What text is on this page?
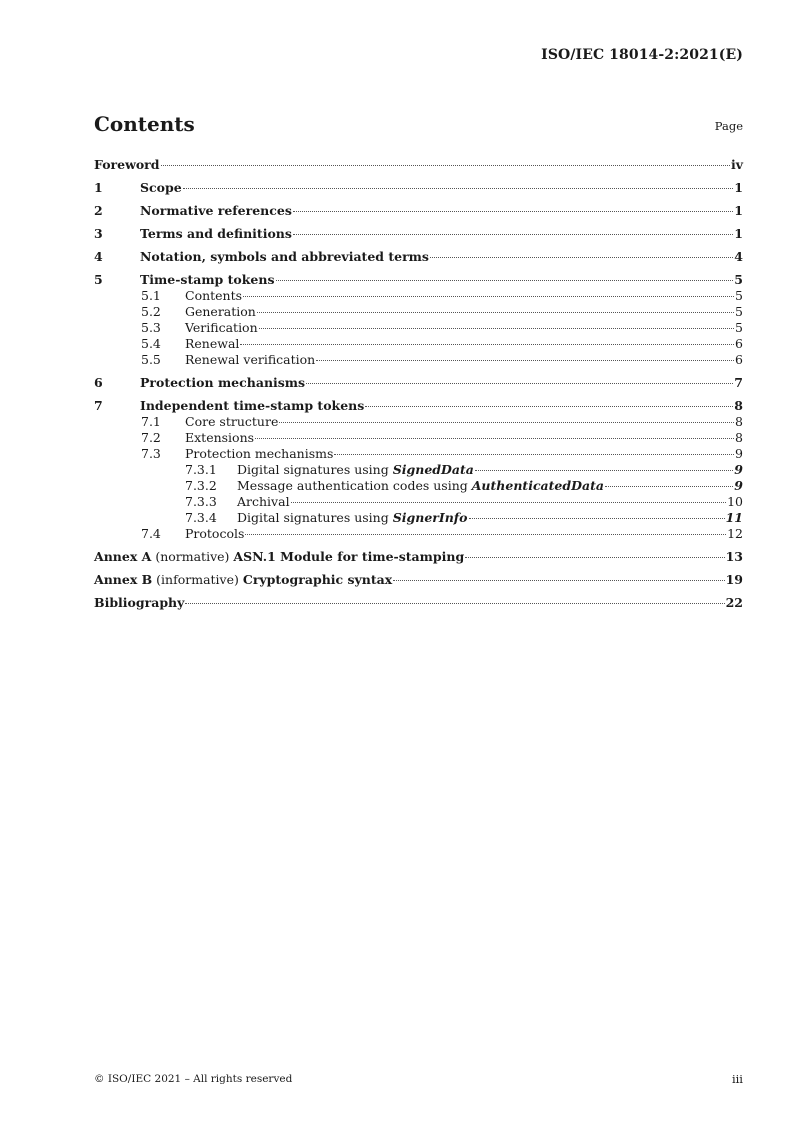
ISO/IEC 18014-2:2021(E)
Contents	Page
Foreword	iv
1	Scope	1
2	Normative references	1
3	Terms and definitions	1
4	Notation, symbols and abbreviated terms	4
5	Time-stamp tokens	5
5.1	Contents	5
5.2	Generation	5
5.3	Verification	5
5.4	Renewal	6
5.5	Renewal verification	6
6	Protection mechanisms	7
7	Independent time-stamp tokens	8
7.1	Core structure	8
7.2	Extensions	8
7.3	Protection mechanisms	9
7.3.1	Digital signatures using SignedData	9
7.3.2	Message authentication codes using AuthenticatedData	9
7.3.3	Archival	10
7.3.4	Digital signatures using SignerInfo	11
7.4	Protocols	12
Annex A (normative) ASN.1 Module for time-stamping	13
Annex B (informative) Cryptographic syntax	19
Bibliography	22
© ISO/IEC 2021 – All rights reserved	iii
